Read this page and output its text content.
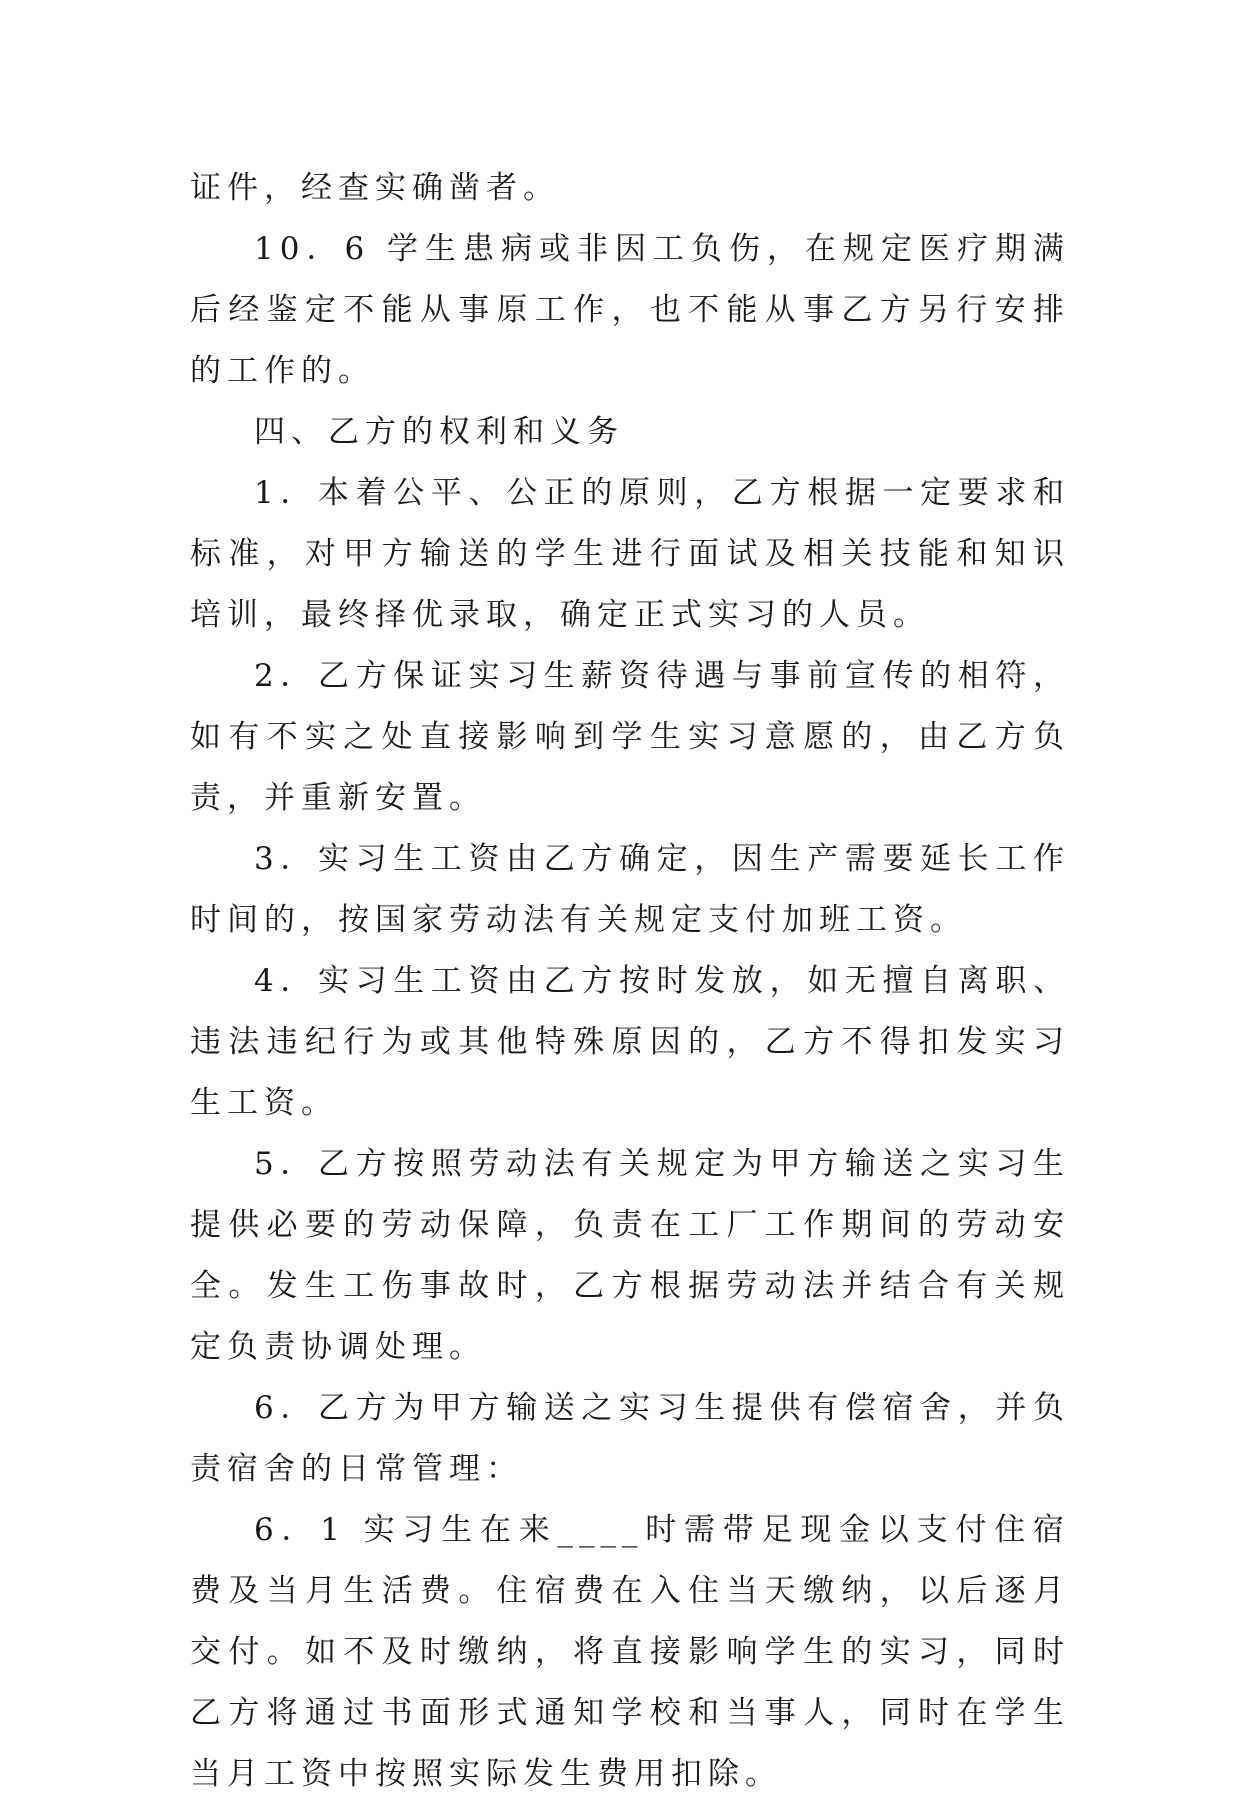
证件，经查实确凿者。

10．6 学生患病或非因工负伤，在规定医疗期满后经鉴定不能从事原工作，也不能从事乙方另行安排的工作的。

四、乙方的权利和义务

1．本着公平、公正的原则，乙方根据一定要求和标准，对甲方输送的学生进行面试及相关技能和知识培训，最终择优录取，确定正式实习的人员。

2．乙方保证实习生薪资待遇与事前宣传的相符，如有不实之处直接影响到学生实习意愿的，由乙方负责，并重新安置。

3．实习生工资由乙方确定，因生产需要延长工作时间的，按国家劳动法有关规定支付加班工资。

4．实习生工资由乙方按时发放，如无擅自离职、违法违纪行为或其他特殊原因的，乙方不得扣发实习生工资。

5．乙方按照劳动法有关规定为甲方输送之实习生提供必要的劳动保障，负责在工厂工作期间的劳动安全。发生工伤事故时，乙方根据劳动法并结合有关规定负责协调处理。

6．乙方为甲方输送之实习生提供有偿宿舍，并负责宿舍的日常管理：

6．1 实习生在来____时需带足现金以支付住宿费及当月生活费。住宿费在入住当天缴纳，以后逐月交付。如不及时缴纳，将直接影响学生的实习，同时乙方将通过书面形式通知学校和当事人，同时在学生当月工资中按照实际发生费用扣除。
